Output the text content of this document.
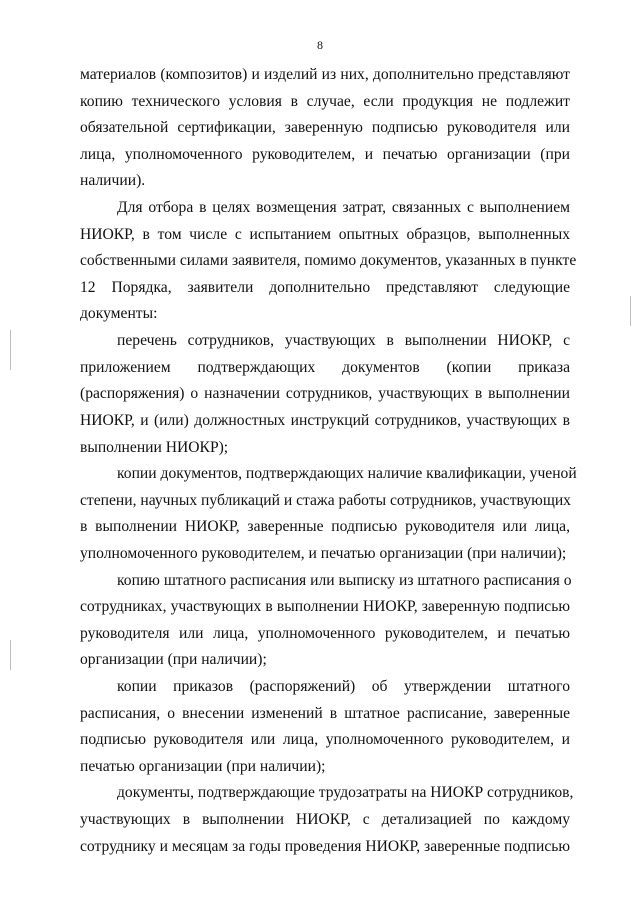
8
материалов (композитов) и изделий из них, дополнительно представляют
копию технического условия в случае, если продукция не подлежит
обязательной сертификации, заверенную подписью руководителя или
лица, уполномоченного руководителем, и печатью организации (при
наличии).
Для отбора в целях возмещения затрат, связанных с выполнением
НИОКР, в том числе с испытанием опытных образцов, выполненных
собственными силами заявителя, помимо документов, указанных в пункте
12 Порядка, заявители дополнительно представляют следующие
документы:
перечень сотрудников, участвующих в выполнении НИОКР, с
приложением подтверждающих документов (копии приказа
(распоряжения) о назначении сотрудников, участвующих в выполнении
НИОКР, и (или) должностных инструкций сотрудников, участвующих в
выполнении НИОКР);
копии документов, подтверждающих наличие квалификации, ученой
степени, научных публикаций и стажа работы сотрудников, участвующих
в выполнении НИОКР, заверенные подписью руководителя или лица,
уполномоченного руководителем, и печатью организации (при наличии);
копию штатного расписания или выписку из штатного расписания о
сотрудниках, участвующих в выполнении НИОКР, заверенную подписью
руководителя или лица, уполномоченного руководителем, и печатью
организации (при наличии);
копии приказов (распоряжений) об утверждении штатного
расписания, о внесении изменений в штатное расписание, заверенные
подписью руководителя или лица, уполномоченного руководителем, и
печатью организации (при наличии);
документы, подтверждающие трудозатраты на НИОКР сотрудников,
участвующих в выполнении НИОКР, с детализацией по каждому
сотруднику и месяцам за годы проведения НИОКР, заверенные подписью
